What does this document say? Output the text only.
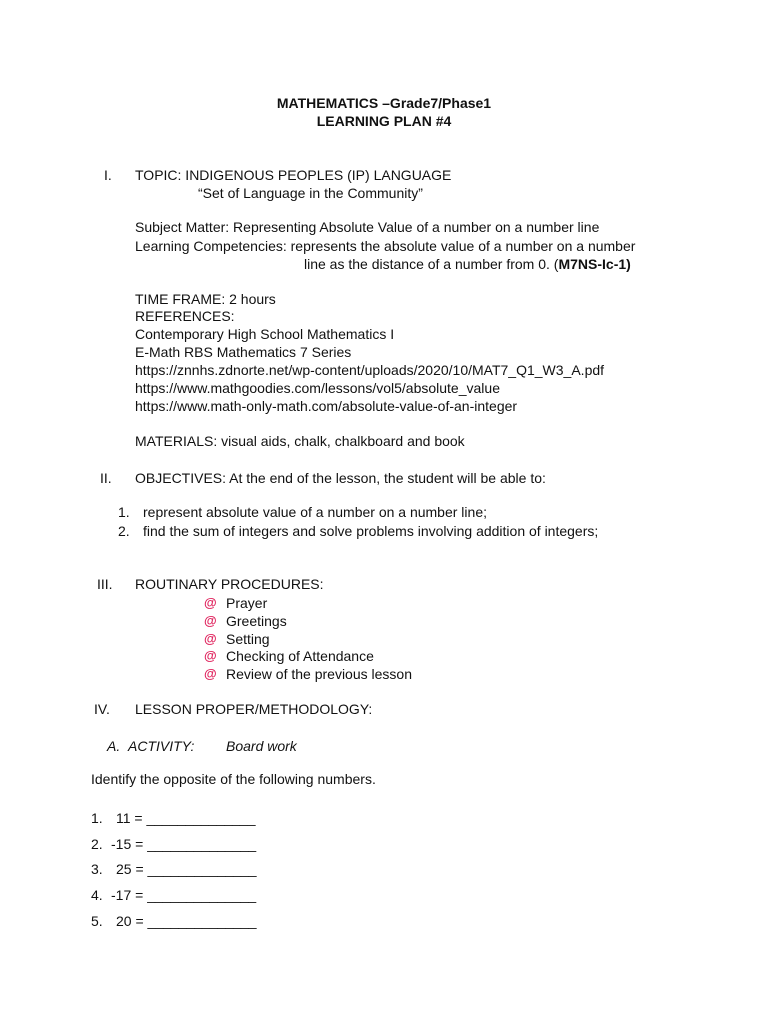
MATHEMATICS –Grade7/Phase1
LEARNING PLAN #4
I. TOPIC: INDIGENOUS PEOPLES (IP) LANGUAGE
“Set of Language in the Community”
Subject Matter: Representing Absolute Value of a number on a number line
Learning Competencies: represents the absolute value of a number on a number
line as the distance of a number from 0. (M7NS-Ic-1)
TIME FRAME: 2 hours
REFERENCES:
Contemporary High School Mathematics I
E-Math RBS Mathematics 7 Series
https://znnhs.zdnorte.net/wp-content/uploads/2020/10/MAT7_Q1_W3_A.pdf
https://www.mathgoodies.com/lessons/vol5/absolute_value
https://www.math-only-math.com/absolute-value-of-an-integer
MATERIALS: visual aids, chalk, chalkboard and book
II. OBJECTIVES: At the end of the lesson, the student will be able to:
1. represent absolute value of a number on a number line;
2. find the sum of integers and solve problems involving addition of integers;
III. ROUTINARY PROCEDURES:
@ Prayer
@ Greetings
@ Setting
@ Checking of Attendance
@ Review of the previous lesson
IV. LESSON PROPER/METHODOLOGY:
A. ACTIVITY: Board work
Identify the opposite of the following numbers.
1. 11 = ______________
2. -15 = ______________
3. 25 = ______________
4. -17 = ______________
5. 20 = ______________
